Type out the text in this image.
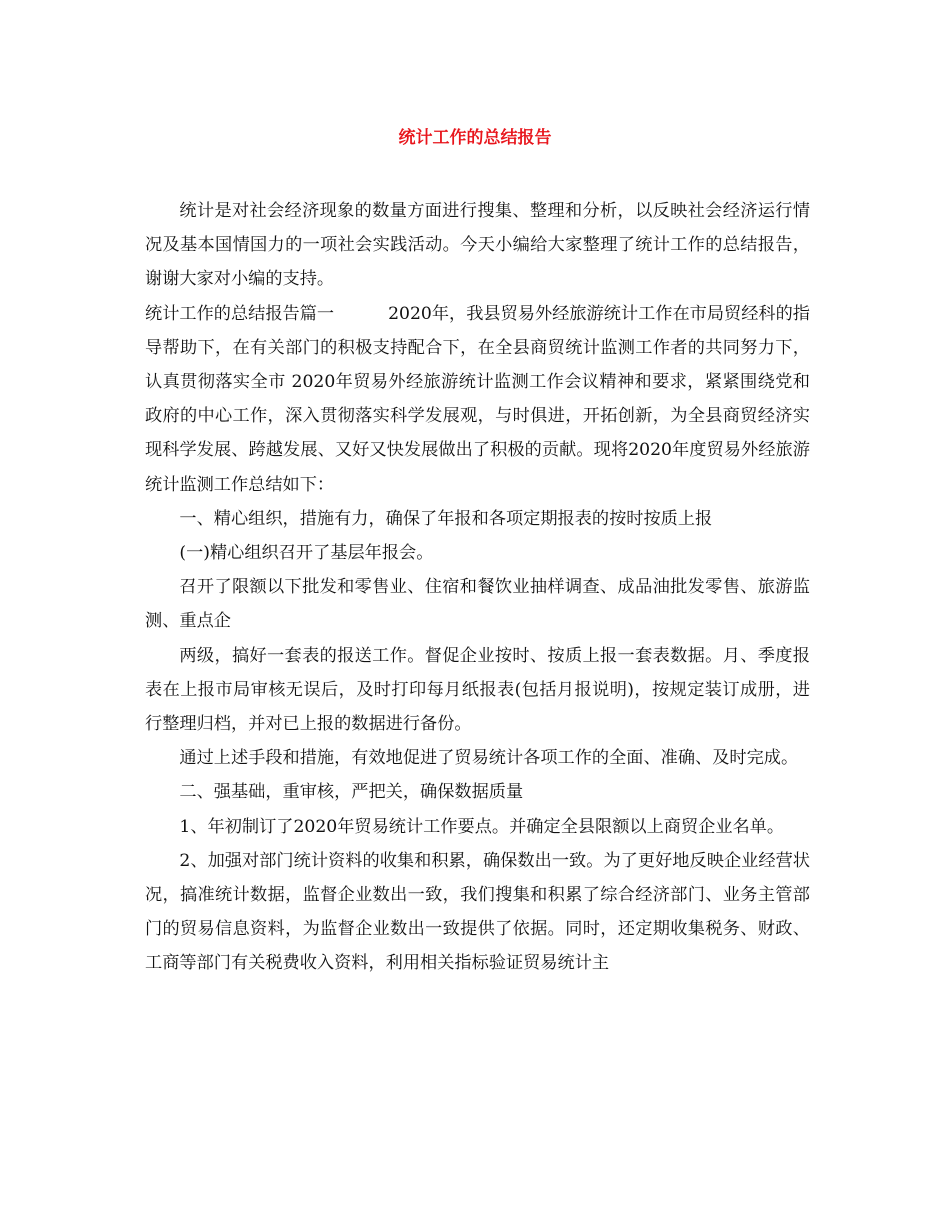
统计工作的总结报告

统计是对社会经济现象的数量方面进行搜集、整理和分析，以反映社会经济运行情况及基本国情国力的一项社会实践活动。今天小编给大家整理了统计工作的总结报告，谢谢大家对小编的支持。

统计工作的总结报告篇一	2020年，我县贸易外经旅游统计工作在市局贸经科的指导帮助下，在有关部门的积极支持配合下，在全县商贸统计监测工作者的共同努力下，认真贯彻落实全市 2020年贸易外经旅游统计监测工作会议精神和要求，紧紧围绕党和政府的中心工作，深入贯彻落实科学发展观，与时俱进，开拓创新，为全县商贸经济实现科学发展、跨越发展、又好又快发展做出了积极的贡献。现将2020年度贸易外经旅游统计监测工作总结如下：

一、精心组织，措施有力，确保了年报和各项定期报表的按时按质上报

(一)精心组织召开了基层年报会。

召开了限额以下批发和零售业、住宿和餐饮业抽样调查、成品油批发零售、旅游监测、重点企

两级，搞好一套表的报送工作。督促企业按时、按质上报一套表数据。月、季度报表在上报市局审核无误后，及时打印每月纸报表(包括月报说明)，按规定装订成册，进行整理归档，并对已上报的数据进行备份。

通过上述手段和措施，有效地促进了贸易统计各项工作的全面、准确、及时完成。

二、强基础，重审核，严把关，确保数据质量

1、年初制订了2020年贸易统计工作要点。并确定全县限额以上商贸企业名单。

2、加强对部门统计资料的收集和积累，确保数出一致。为了更好地反映企业经营状况，搞准统计数据，监督企业数出一致，我们搜集和积累了综合经济部门、业务主管部门的贸易信息资料，为监督企业数出一致提供了依据。同时，还定期收集税务、财政、工商等部门有关税费收入资料，利用相关指标验证贸易统计主
